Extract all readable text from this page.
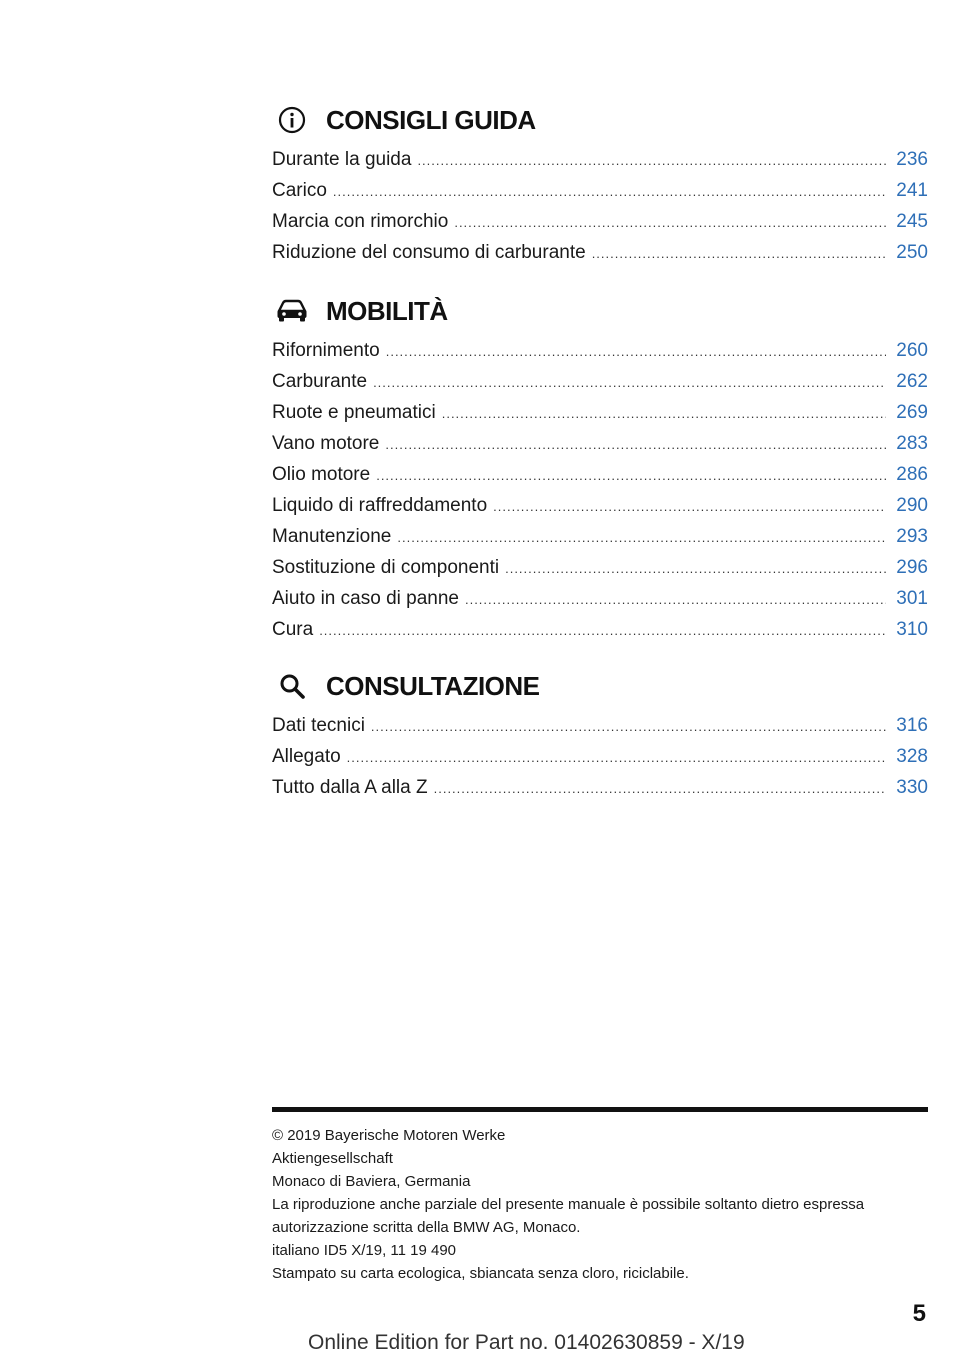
CONSIGLI GUIDA
Durante la guida .....	236
Carico .....	241
Marcia con rimorchio .....	245
Riduzione del consumo di carburante .....	250
MOBILITÀ
Rifornimento .....	260
Carburante .....	262
Ruote e pneumatici .....	269
Vano motore .....	283
Olio motore .....	286
Liquido di raffreddamento .....	290
Manutenzione .....	293
Sostituzione di componenti .....	296
Aiuto in caso di panne .....	301
Cura .....	310
CONSULTAZIONE
Dati tecnici .....	316
Allegato .....	328
Tutto dalla A alla Z .....	330
© 2019 Bayerische Motoren Werke
Aktiengesellschaft
Monaco di Baviera, Germania
La riproduzione anche parziale del presente manuale è possibile soltanto dietro espressa
autorizzazione scritta della BMW AG, Monaco.
italiano ID5 X/19, 11 19 490
Stampato su carta ecologica, sbiancata senza cloro, riciclabile.
5
Online Edition for Part no. 01402630859 - X/19
